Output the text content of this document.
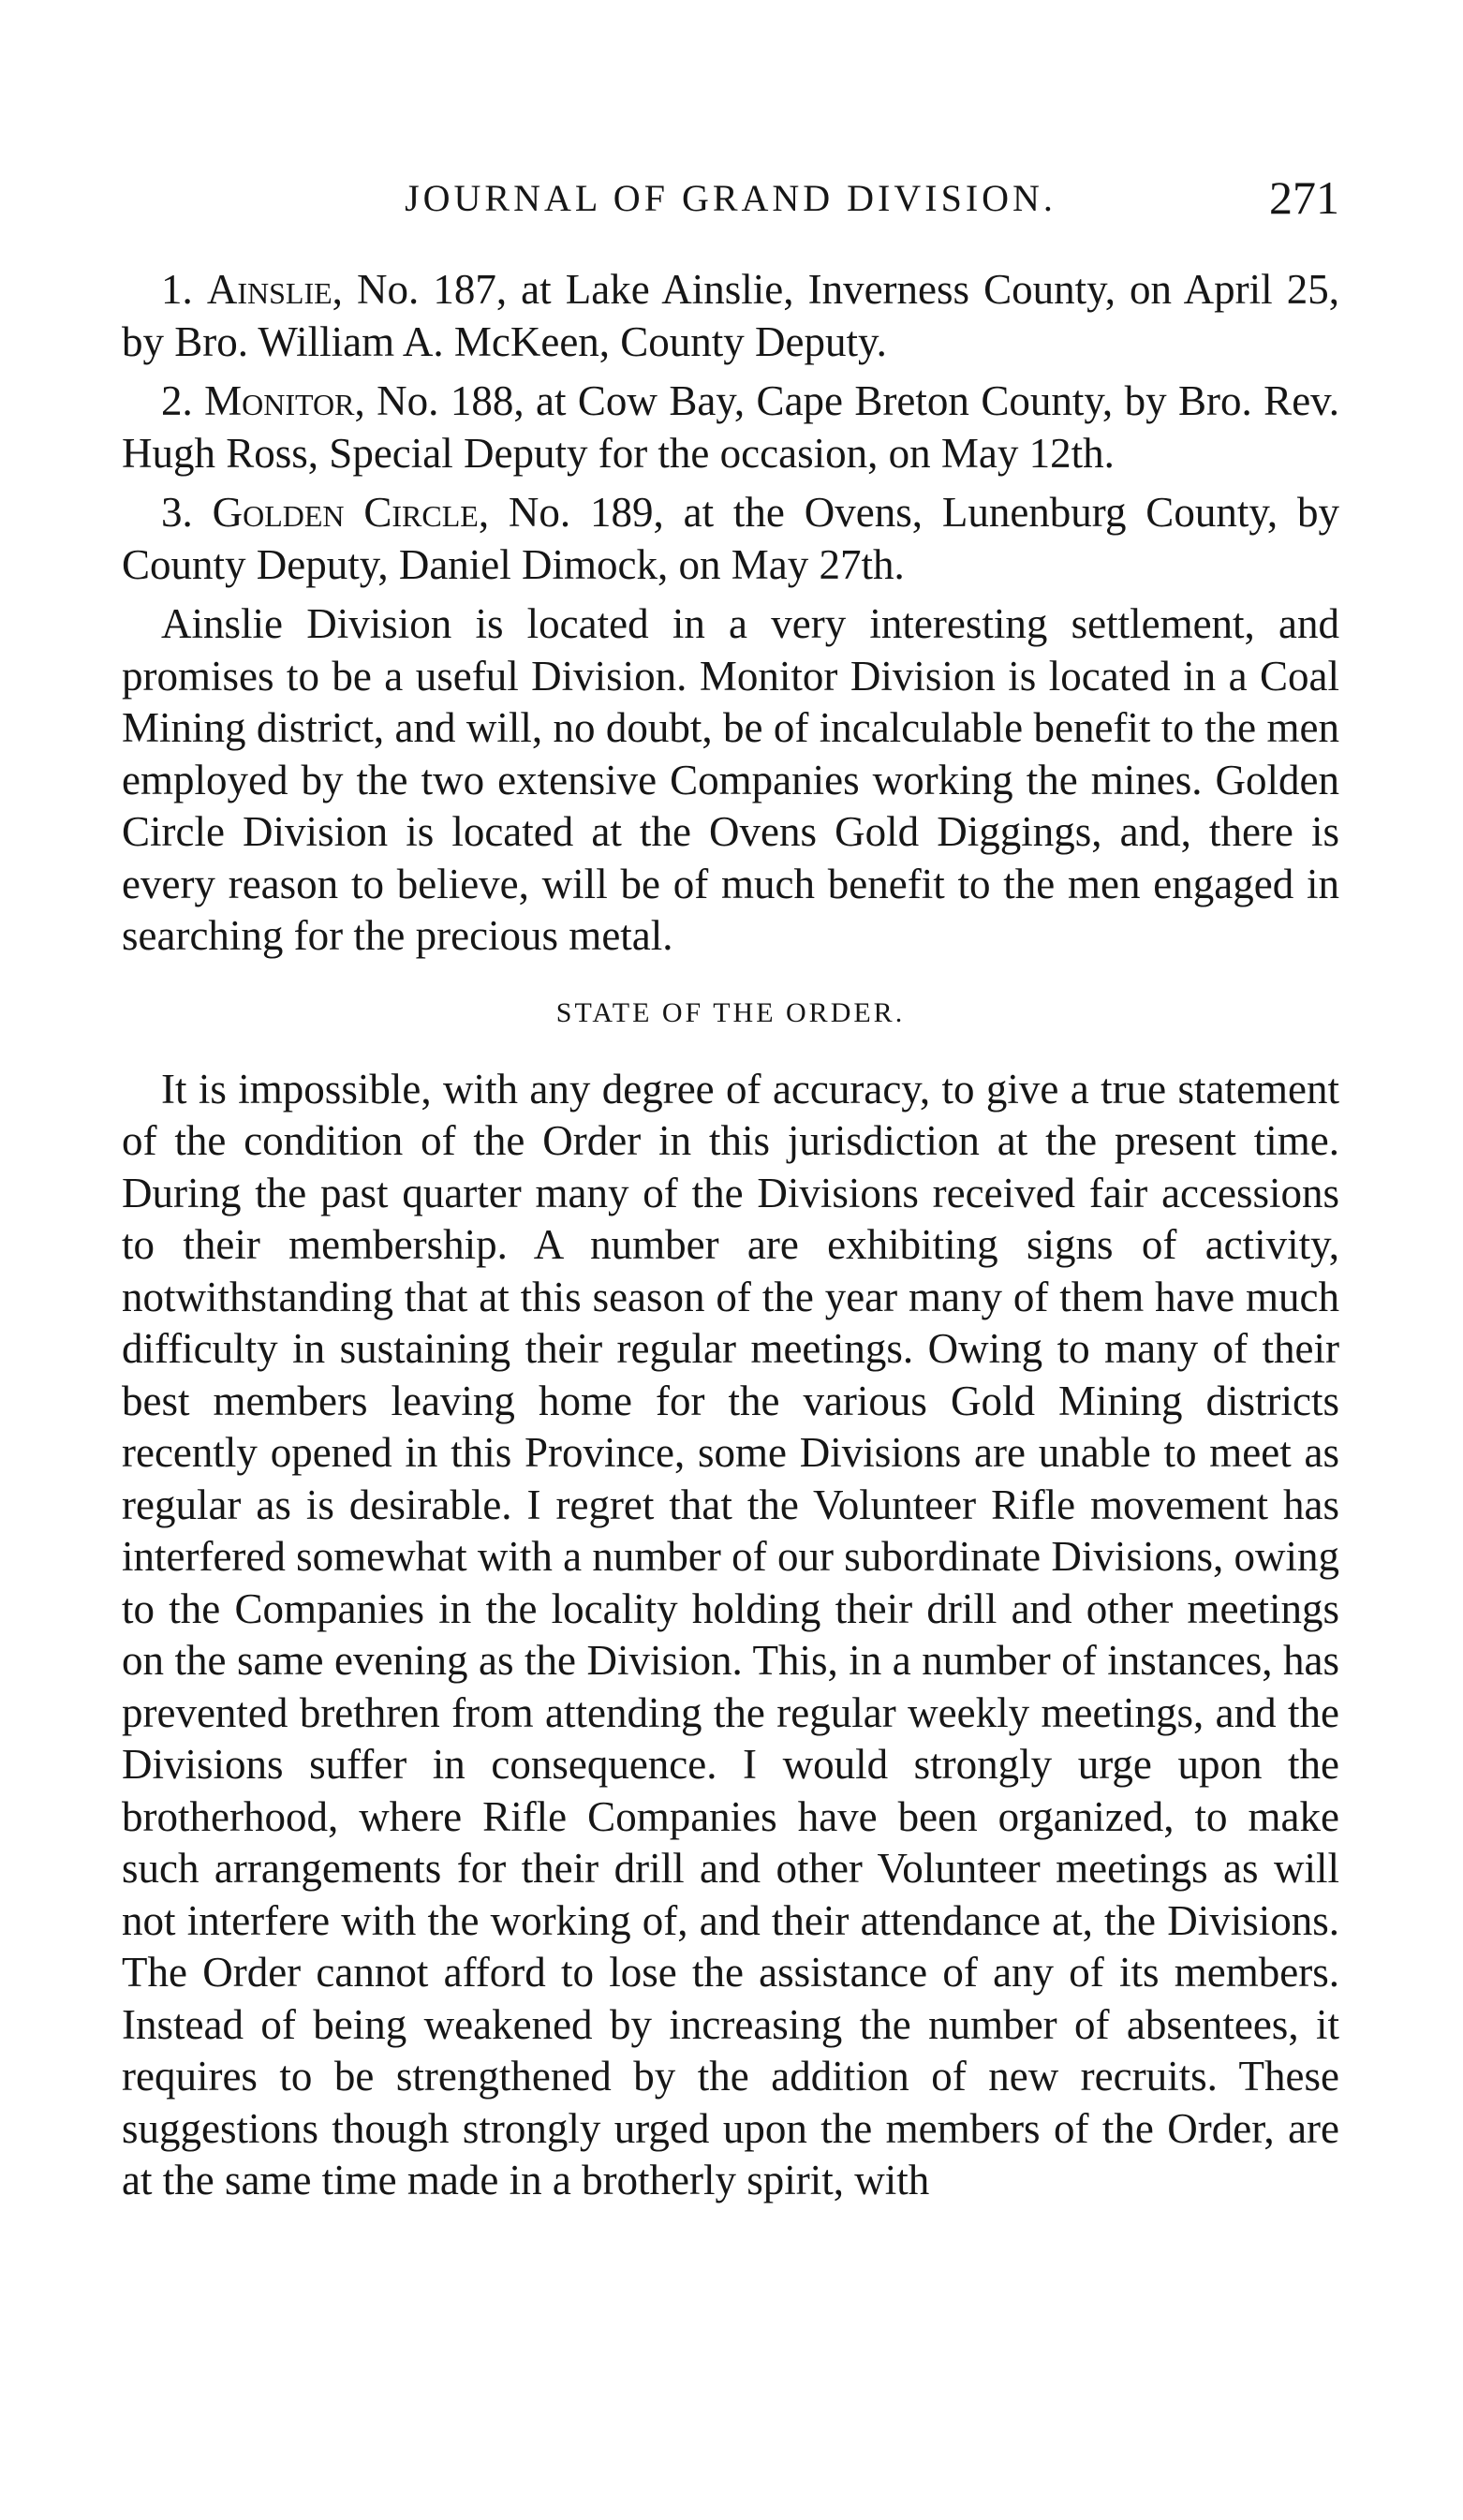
JOURNAL OF GRAND DIVISION.	271

1. Ainslie, No. 187, at Lake Ainslie, Inverness County, on April 25, by Bro. William A. McKeen, County Deputy.

2. Monitor, No. 188, at Cow Bay, Cape Breton County, by Bro. Rev. Hugh Ross, Special Deputy for the occasion, on May 12th.

3. Golden Circle, No. 189, at the Ovens, Lunenburg County, by County Deputy, Daniel Dimock, on May 27th.

Ainslie Division is located in a very interesting settlement, and promises to be a useful Division. Monitor Division is located in a Coal Mining district, and will, no doubt, be of incalculable benefit to the men employed by the two extensive Companies working the mines. Golden Circle Division is located at the Ovens Gold Diggings, and, there is every reason to believe, will be of much benefit to the men engaged in searching for the precious metal.

STATE OF THE ORDER.

It is impossible, with any degree of accuracy, to give a true statement of the condition of the Order in this jurisdiction at the present time. During the past quarter many of the Divisions received fair accessions to their membership. A number are exhibiting signs of activity, notwithstanding that at this season of the year many of them have much difficulty in sustaining their regular meetings. Owing to many of their best members leaving home for the various Gold Mining districts recently opened in this Province, some Divisions are unable to meet as regular as is desirable. I regret that the Volunteer Rifle movement has interfered somewhat with a number of our subordinate Divisions, owing to the Companies in the locality holding their drill and other meetings on the same evening as the Division. This, in a number of instances, has prevented brethren from attending the regular weekly meetings, and the Divisions suffer in consequence. I would strongly urge upon the brotherhood, where Rifle Companies have been organized, to make such arrangements for their drill and other Volunteer meetings as will not interfere with the working of, and their attendance at, the Divisions. The Order cannot afford to lose the assistance of any of its members. Instead of being weakened by increasing the number of absentees, it requires to be strengthened by the addition of new recruits. These suggestions though strongly urged upon the members of the Order, are at the same time made in a brotherly spirit, with
